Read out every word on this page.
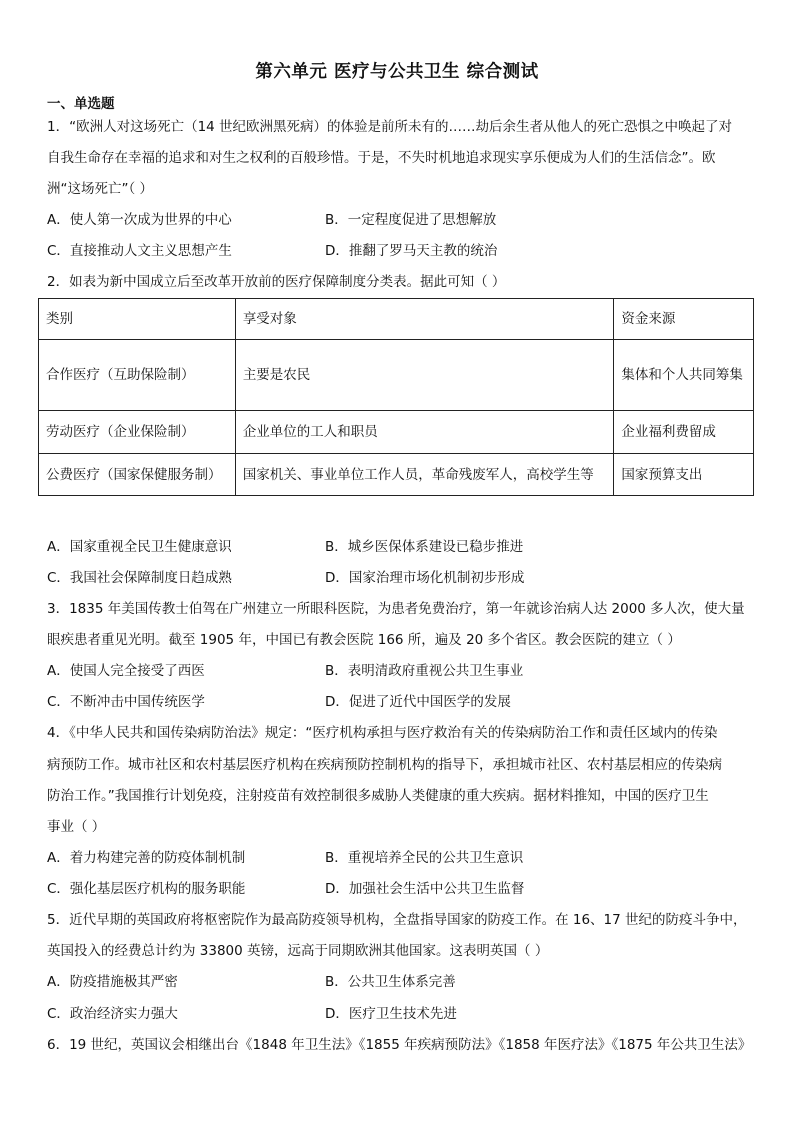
第六单元 医疗与公共卫生 综合测试
一、单选题
1．“欧洲人对这场死亡（14 世纪欧洲黑死病）的体验是前所未有的……劫后余生者从他人的死亡恐惧之中唤起了对
自我生命存在幸福的追求和对生之权利的百般珍惜。于是，不失时机地追求现实享乐便成为人们的生活信念”。欧
洲“这场死亡”（ ）
A．使人第一次成为世界的中心	B．一定程度促进了思想解放
C．直接推动人文主义思想产生	D．推翻了罗马天主教的统治
2．如表为新中国成立后至改革开放前的医疗保障制度分类表。据此可知（ ）
类别	享受对象	资金来源
合作医疗（互助保险制）	主要是农民	集体和个人共同筹集
劳动医疗（企业保险制）	企业单位的工人和职员	企业福利费留成
公费医疗（国家保健服务制）	国家机关、事业单位工作人员，革命残废军人，高校学生等	国家预算支出
A．国家重视全民卫生健康意识	B．城乡医保体系建设已稳步推进
C．我国社会保障制度日趋成熟	D．国家治理市场化机制初步形成
3．1835 年美国传教士伯驾在广州建立一所眼科医院，为患者免费治疗，第一年就诊治病人达 2000 多人次，使大量
眼疾患者重见光明。截至 1905 年，中国已有教会医院 166 所，遍及 20 多个省区。教会医院的建立（ ）
A．使国人完全接受了西医	B．表明清政府重视公共卫生事业
C．不断冲击中国传统医学	D．促进了近代中国医学的发展
4．《中华人民共和国传染病防治法》规定：“医疗机构承担与医疗救治有关的传染病防治工作和责任区域内的传染
病预防工作。城市社区和农村基层医疗机构在疾病预防控制机构的指导下，承担城市社区、农村基层相应的传染病
防治工作。”我国推行计划免疫，注射疫苗有效控制很多威胁人类健康的重大疾病。据材料推知，中国的医疗卫生
事业（ ）
A．着力构建完善的防疫体制机制	B．重视培养全民的公共卫生意识
C．强化基层医疗机构的服务职能	D．加强社会生活中公共卫生监督
5．近代早期的英国政府将枢密院作为最高防疫领导机构，全盘指导国家的防疫工作。在 16、17 世纪的防疫斗争中，
英国投入的经费总计约为 33800 英镑，远高于同期欧洲其他国家。这表明英国（ ）
A．防疫措施极其严密	B．公共卫生体系完善
C．政治经济实力强大	D．医疗卫生技术先进
6．19 世纪，英国议会相继出台《1848 年卫生法》《1855 年疾病预防法》《1858 年医疗法》《1875 年公共卫生法》
